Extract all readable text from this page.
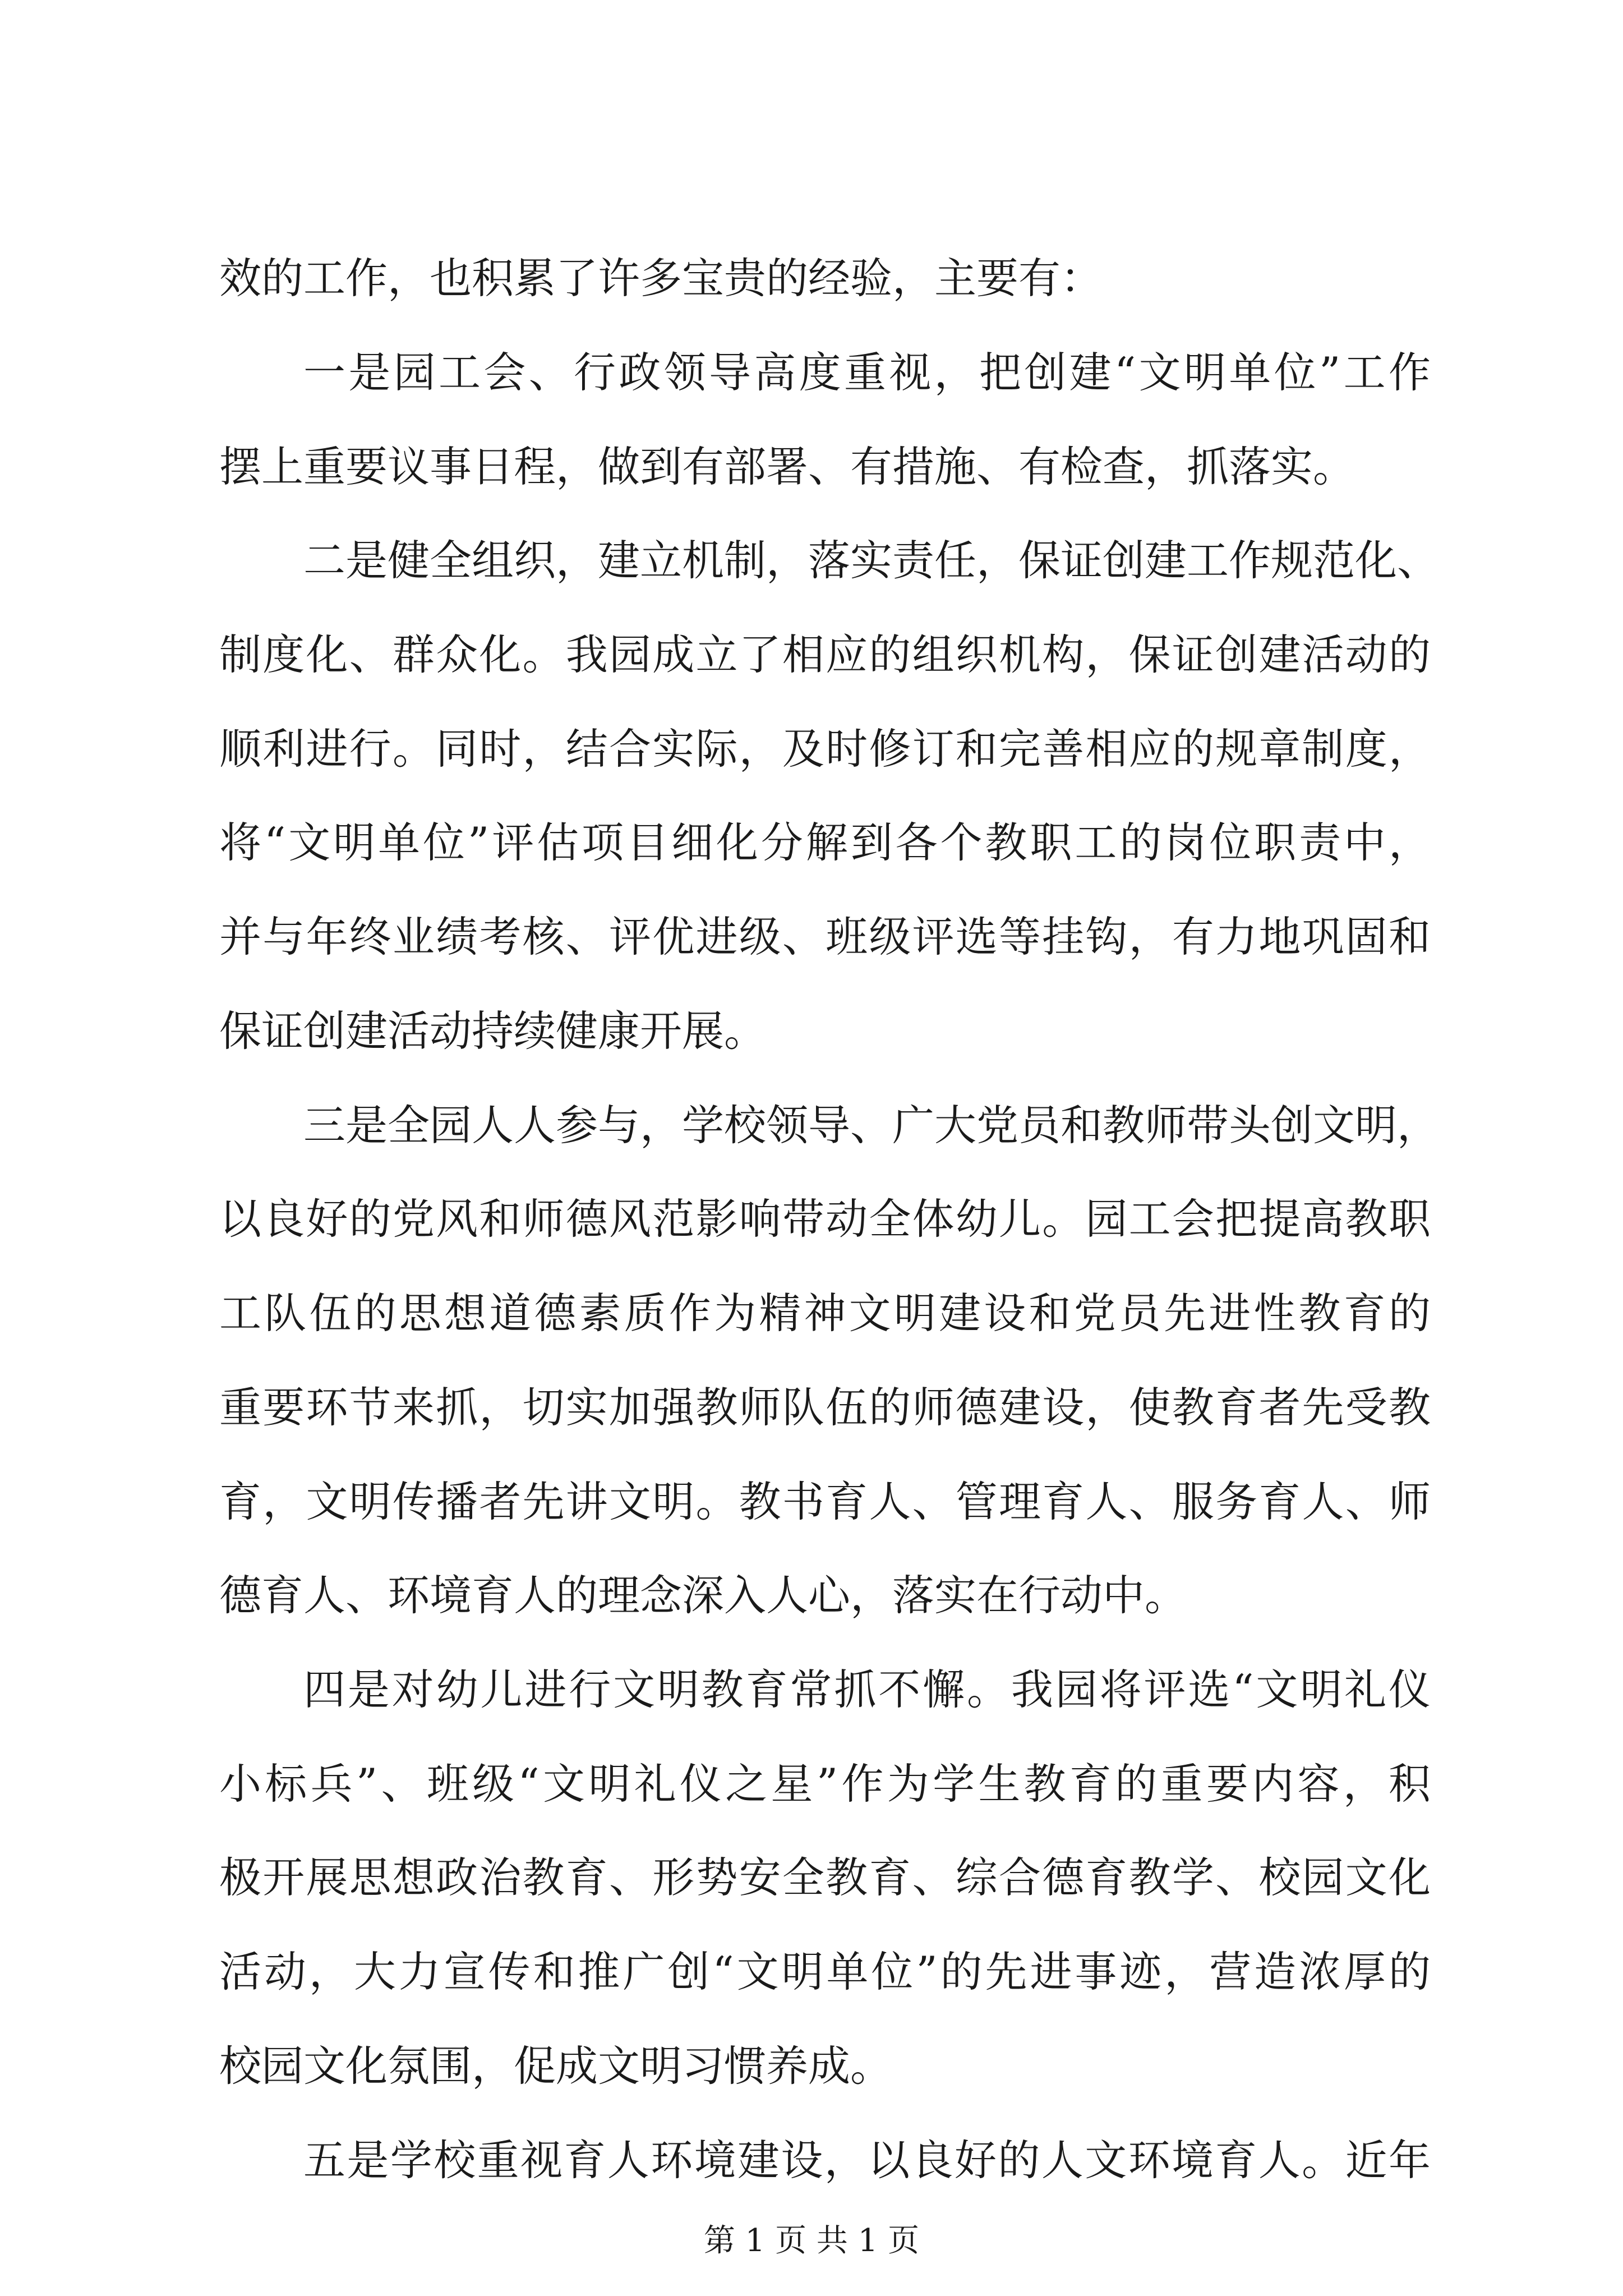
效的工作，也积累了许多宝贵的经验，主要有：
一是园工会、行政领导高度重视，把创建“文明单位”工作
摆上重要议事日程，做到有部署、有措施、有检查，抓落实。
二是健全组织，建立机制，落实责任，保证创建工作规范化、
制度化、群众化。我园成立了相应的组织机构，保证创建活动的
顺利进行。同时，结合实际，及时修订和完善相应的规章制度，
将“文明单位”评估项目细化分解到各个教职工的岗位职责中，
并与年终业绩考核、评优进级、班级评选等挂钩，有力地巩固和
保证创建活动持续健康开展。
三是全园人人参与，学校领导、广大党员和教师带头创文明，
以良好的党风和师德风范影响带动全体幼儿。园工会把提高教职
工队伍的思想道德素质作为精神文明建设和党员先进性教育的
重要环节来抓，切实加强教师队伍的师德建设，使教育者先受教
育，文明传播者先讲文明。教书育人、管理育人、服务育人、师
德育人、环境育人的理念深入人心，落实在行动中。
四是对幼儿进行文明教育常抓不懈。我园将评选“文明礼仪
小标兵”、班级“文明礼仪之星”作为学生教育的重要内容，积
极开展思想政治教育、形势安全教育、综合德育教学、校园文化
活动，大力宣传和推广创“文明单位”的先进事迹，营造浓厚的
校园文化氛围，促成文明习惯养成。
五是学校重视育人环境建设，以良好的人文环境育人。近年
第 1 页 共 1 页
